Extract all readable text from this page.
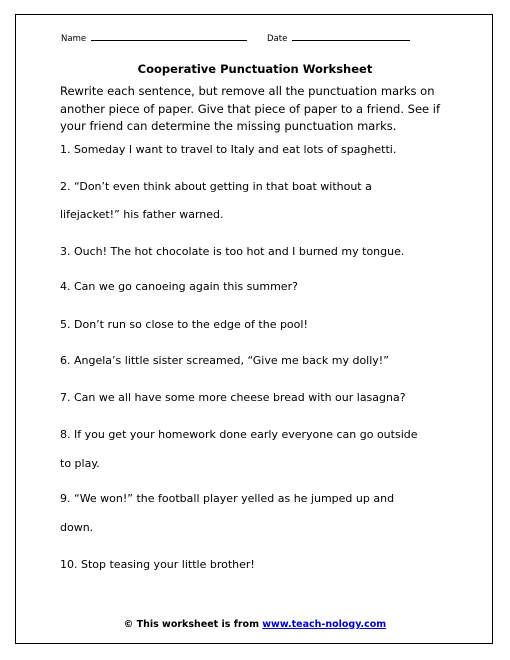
Name	Date
Cooperative Punctuation Worksheet
Rewrite each sentence, but remove all the punctuation marks on another piece of paper. Give that piece of paper to a friend. See if your friend can determine the missing punctuation marks.
1. Someday I want to travel to Italy and eat lots of spaghetti.
2. “Don’t even think about getting in that boat without a
lifejacket!” his father warned.
3. Ouch! The hot chocolate is too hot and I burned my tongue.
4. Can we go canoeing again this summer?
5. Don’t run so close to the edge of the pool!
6. Angela’s little sister screamed, “Give me back my dolly!”
7. Can we all have some more cheese bread with our lasagna?
8. If you get your homework done early everyone can go outside
to play.
9. “We won!” the football player yelled as he jumped up and
down.
10. Stop teasing your little brother!
© This worksheet is from www.teach-nology.com
